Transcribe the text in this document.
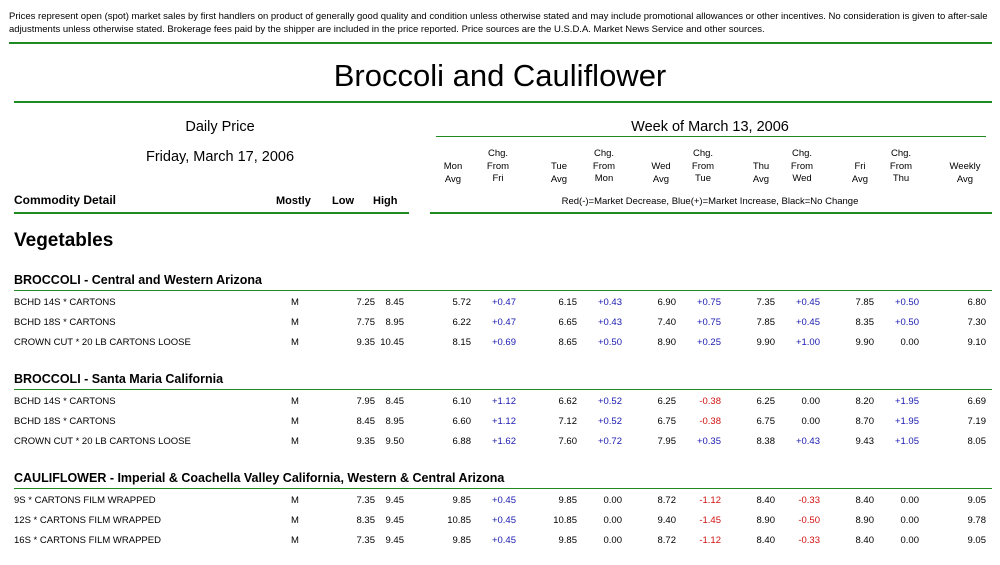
Prices represent open (spot) market sales by first handlers on product of generally good quality and condition unless otherwise stated and may include promotional allowances or other incentives. No consideration is given to after-sale adjustments unless otherwise stated. Brokerage fees paid by the shipper are included in the price reported. Price sources are the U.S.D.A. Market News Service and other sources.
Broccoli and Cauliflower
Daily Price
Friday, March 17, 2006
Week of March 13, 2006
Mon
Avg
Chg.
From
Fri
Tue
Avg
Chg.
From
Mon
Wed
Avg
Chg.
From
Tue
Thu
Avg
Chg.
From
Wed
Fri
Avg
Chg.
From
Thu
Weekly
Avg
Commodity Detail	Mostly Low High	Red(-)=Market Decrease, Blue(+)=Market Increase, Black=No Change
Vegetables
BROCCOLI - Central and Western Arizona
BCHD 14S * CARTONS	M	7.25	8.45	5.72	+0.47	6.15	+0.43	6.90	+0.75	7.35	+0.45	7.85	+0.50	6.80
BCHD 18S * CARTONS	M	7.75	8.95	6.22	+0.47	6.65	+0.43	7.40	+0.75	7.85	+0.45	8.35	+0.50	7.30
CROWN CUT * 20 LB CARTONS LOOSE	M	9.35 10.45	8.15	+0.69	8.65	+0.50	8.90	+0.25	9.90	+1.00	9.90	0.00	9.10
BROCCOLI - Santa Maria California
BCHD 14S * CARTONS	M	7.95	8.45	6.10	+1.12	6.62	+0.52	6.25	-0.38	6.25	0.00	8.20	+1.95	6.69
BCHD 18S * CARTONS	M	8.45	8.95	6.60	+1.12	7.12	+0.52	6.75	-0.38	6.75	0.00	8.70	+1.95	7.19
CROWN CUT * 20 LB CARTONS LOOSE	M	9.35	9.50	6.88	+1.62	7.60	+0.72	7.95	+0.35	8.38	+0.43	9.43	+1.05	8.05
CAULIFLOWER - Imperial & Coachella Valley California, Western & Central Arizona
9S * CARTONS FILM WRAPPED	M	7.35	9.45	9.85	+0.45	9.85	0.00	8.72	-1.12	8.40	-0.33	8.40	0.00	9.05
12S * CARTONS FILM WRAPPED	M	8.35	9.45	10.85	+0.45	10.85	0.00	9.40	-1.45	8.90	-0.50	8.90	0.00	9.78
16S * CARTONS FILM WRAPPED	M	7.35	9.45	9.85	+0.45	9.85	0.00	8.72	-1.12	8.40	-0.33	8.40	0.00	9.05
